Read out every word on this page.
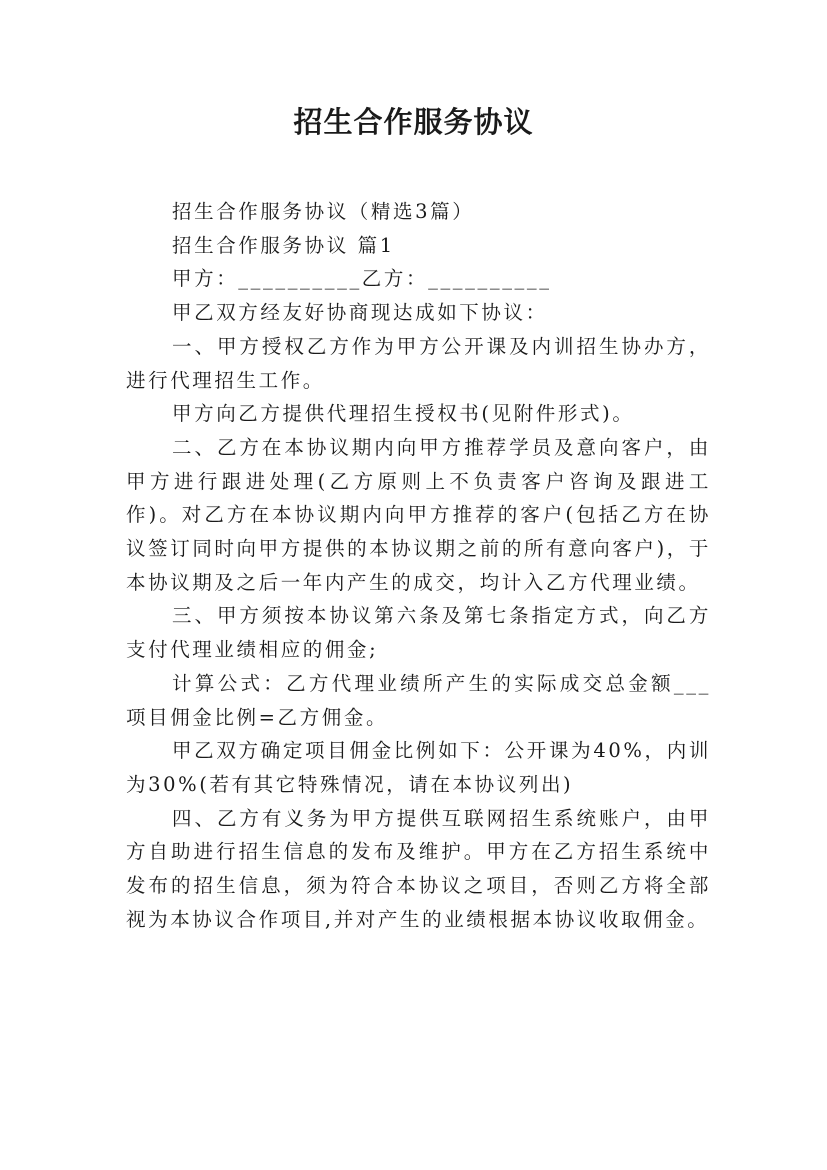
招生合作服务协议

招生合作服务协议（精选3篇）

招生合作服务协议 篇1

甲方：__________乙方：__________

甲乙双方经友好协商现达成如下协议：

一、甲方授权乙方作为甲方公开课及内训招生协办方，进行代理招生工作。

甲方向乙方提供代理招生授权书(见附件形式)。

二、乙方在本协议期内向甲方推荐学员及意向客户，由甲方进行跟进处理(乙方原则上不负责客户咨询及跟进工作)。对乙方在本协议期内向甲方推荐的客户(包括乙方在协议签订同时向甲方提供的本协议期之前的所有意向客户)，于本协议期及之后一年内产生的成交，均计入乙方代理业绩。

三、甲方须按本协议第六条及第七条指定方式，向乙方支付代理业绩相应的佣金;

计算公式：乙方代理业绩所产生的实际成交总金额___项目佣金比例=乙方佣金。

甲乙双方确定项目佣金比例如下：公开课为40%，内训为30%(若有其它特殊情况，请在本协议列出)

四、乙方有义务为甲方提供互联网招生系统账户，由甲方自助进行招生信息的发布及维护。甲方在乙方招生系统中发布的招生信息，须为符合本协议之项目，否则乙方将全部视为本协议合作项目,并对产生的业绩根据本协议收取佣金。
